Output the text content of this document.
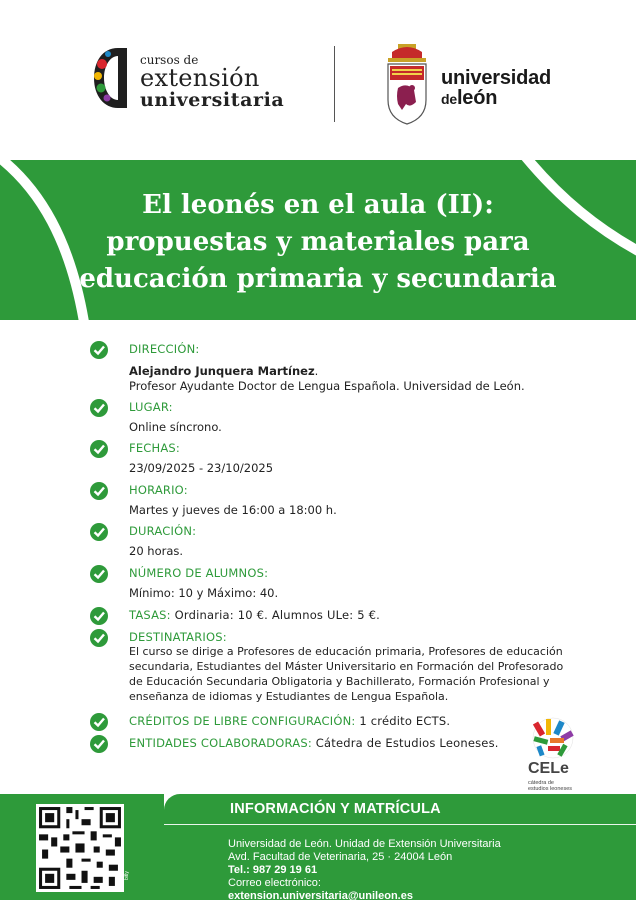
cursos de
extensión
universitaria
universidad
deleón
El leonés en el aula (II):
propuestas y materiales para
educación primaria y secundaria
DIRECCIÓN:
Alejandro Junquera Martínez.
Profesor Ayudante Doctor de Lengua Española. Universidad de León.
LUGAR:
Online síncrono.
FECHAS:
23/09/2025 - 23/10/2025
HORARIO:
Martes y jueves de 16:00 a 18:00 h.
DURACIÓN:
20 horas.
NÚMERO DE ALUMNOS:
Mínimo: 10 y Máximo: 40.
TASAS: Ordinaria: 10 €. Alumnos ULe: 5 €.
DESTINATARIOS:
El curso se dirige a Profesores de educación primaria, Profesores de educación
secundaria, Estudiantes del Máster Universitario en Formación del Profesorado
de Educación Secundaria Obligatoria y Bachillerato, Formación Profesional y
enseñanza de idiomas y Estudiantes de Lengua Española.
CRÉDITOS DE LIBRE CONFIGURACIÓN: 1 crédito ECTS.
ENTIDADES COLABORADORAS: Cátedra de Estudios Leoneses.
CELe
cátedra de
estudios leoneses
bitly
INFORMACIÓN Y MATRÍCULA
Universidad de León. Unidad de Extensión Universitaria
Avd. Facultad de Veterinaria, 25 · 24004 León
Tel.: 987 29 19 61
Correo electrónico:
extension.universitaria@unileon.es
